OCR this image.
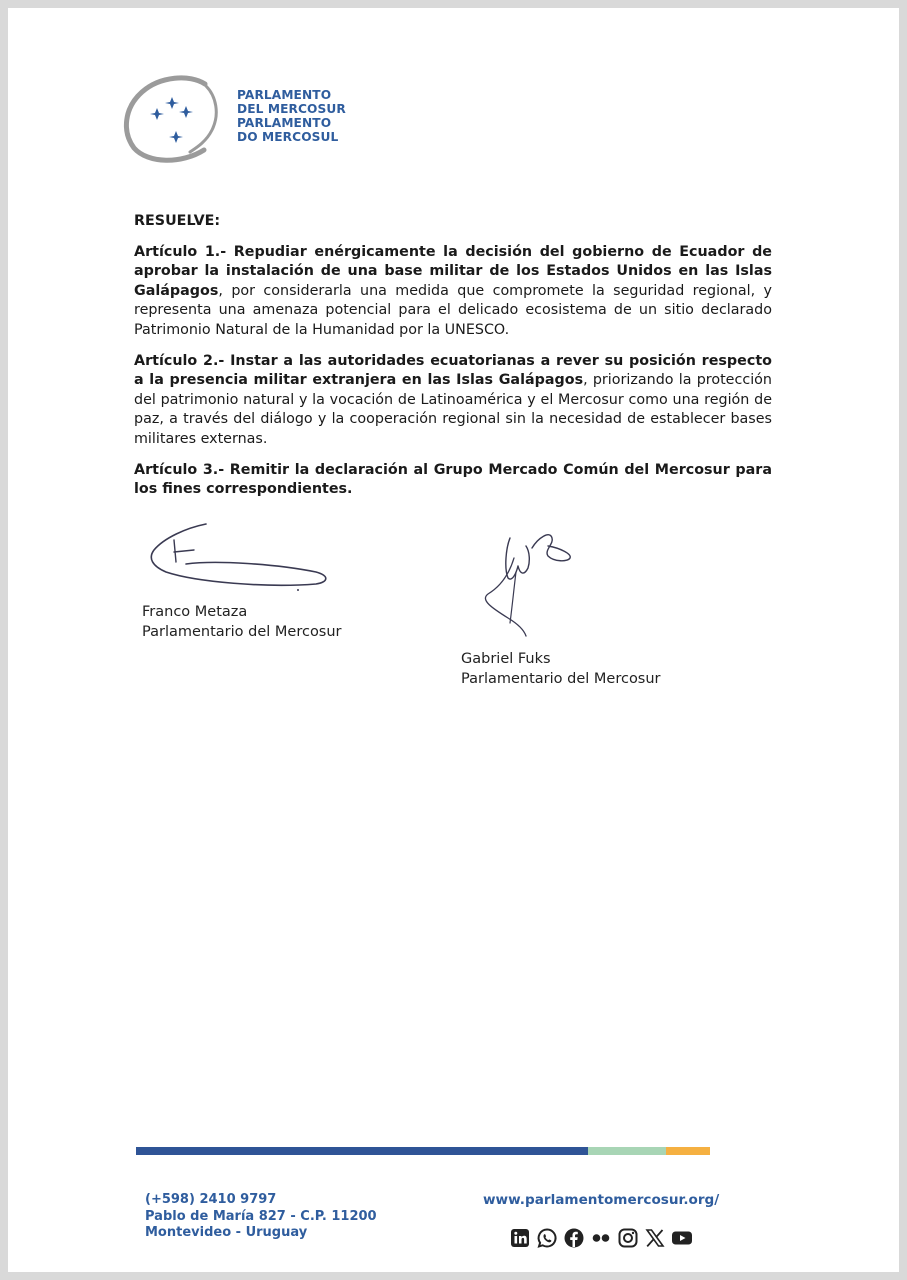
PARLAMENTO
DEL MERCOSUR
PARLAMENTO
DO MERCOSUL

RESUELVE:

Artículo 1.- Repudiar enérgicamente la decisión del gobierno de Ecuador de aprobar la instalación de una base militar de los Estados Unidos en las Islas Galápagos, por considerarla una medida que compromete la seguridad regional, y representa una amenaza potencial para el delicado ecosistema de un sitio declarado Patrimonio Natural de la Humanidad por la UNESCO.

Artículo 2.- Instar a las autoridades ecuatorianas a rever su posición respecto a la presencia militar extranjera en las Islas Galápagos, priorizando la protección del patrimonio natural y la vocación de Latinoamérica y el Mercosur como una región de paz, a través del diálogo y la cooperación regional sin la necesidad de establecer bases militares externas.

Artículo 3.- Remitir la declaración al Grupo Mercado Común del Mercosur para los fines correspondientes.

Franco Metaza
Parlamentario del Mercosur
Gabriel Fuks
Parlamentario del Mercosur
(+598) 2410 9797
Pablo de María 827 - C.P. 11200
Montevideo - Uruguay
www.parlamentomercosur.org/
